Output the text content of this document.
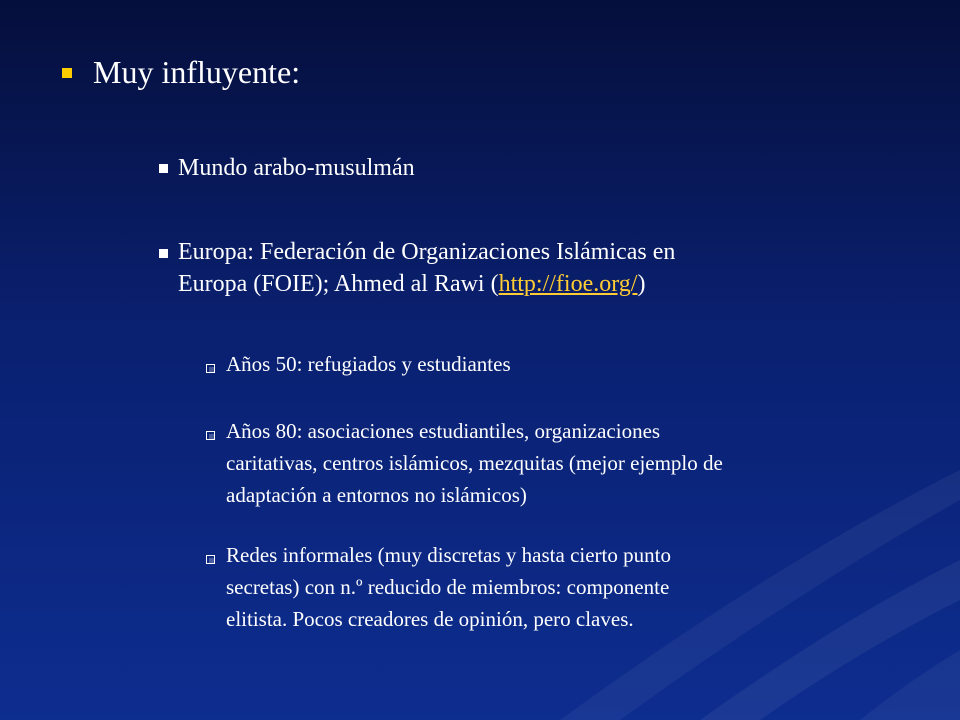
Muy influyente:

Mundo arabo-musulmán

Europa: Federación de Organizaciones Islámicas en

Europa (FOIE); Ahmed al Rawi (http://fioe.org/)

Años 50: refugiados y estudiantes

Años 80: asociaciones estudiantiles, organizaciones

caritativas, centros islámicos, mezquitas (mejor ejemplo de

adaptación a entornos no islámicos)

Redes informales (muy discretas y hasta cierto punto

secretas) con n.º reducido de miembros: componente

elitista. Pocos creadores de opinión, pero claves.
